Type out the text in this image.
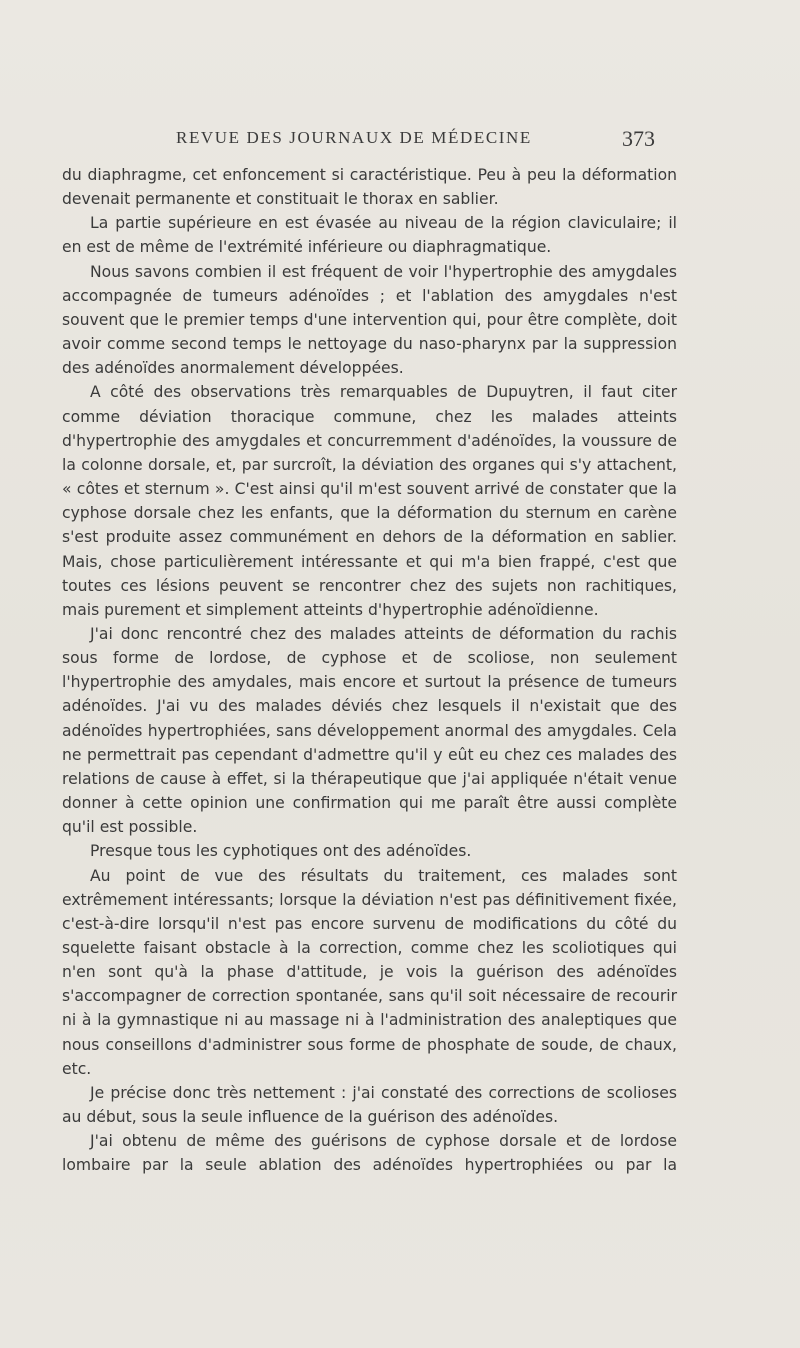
REVUE DES JOURNAUX DE MÉDECINE	373

du diaphragme, cet enfoncement si caractéristique. Peu à peu la déformation devenait permanente et constituait le thorax en sablier.

La partie supérieure en est évasée au niveau de la région claviculaire; il en est de même de l'extrémité inférieure ou diaphragmatique.

Nous savons combien il est fréquent de voir l'hypertrophie des amygdales accompagnée de tumeurs adénoïdes ; et l'ablation des amygdales n'est souvent que le premier temps d'une intervention qui, pour être complète, doit avoir comme second temps le nettoyage du naso-pharynx par la suppression des adénoïdes anormalement développées.

A côté des observations très remarquables de Dupuytren, il faut citer comme déviation thoracique commune, chez les malades atteints d'hypertrophie des amygdales et concurremment d'adénoïdes, la voussure de la colonne dorsale, et, par surcroît, la déviation des organes qui s'y attachent, « côtes et sternum ». C'est ainsi qu'il m'est souvent arrivé de constater que la cyphose dorsale chez les enfants, que la déformation du sternum en carène s'est produite assez communément en dehors de la déformation en sablier. Mais, chose particulièrement intéressante et qui m'a bien frappé, c'est que toutes ces lésions peuvent se rencontrer chez des sujets non rachitiques, mais purement et simplement atteints d'hypertrophie adénoïdienne.

J'ai donc rencontré chez des malades atteints de déformation du rachis sous forme de lordose, de cyphose et de scoliose, non seulement l'hypertrophie des amydales, mais encore et surtout la présence de tumeurs adénoïdes. J'ai vu des malades déviés chez lesquels il n'existait que des adénoïdes hypertrophiées, sans développement anormal des amygdales. Cela ne permettrait pas cependant d'admettre qu'il y eût eu chez ces malades des relations de cause à effet, si la thérapeutique que j'ai appliquée n'était venue donner à cette opinion une confirmation qui me paraît être aussi complète qu'il est possible.

Presque tous les cyphotiques ont des adénoïdes.

Au point de vue des résultats du traitement, ces malades sont extrêmement intéressants; lorsque la déviation n'est pas définitivement fixée, c'est-à-dire lorsqu'il n'est pas encore survenu de modifications du côté du squelette faisant obstacle à la correction, comme chez les scoliotiques qui n'en sont qu'à la phase d'attitude, je vois la guérison des adénoïdes s'accompagner de correction spontanée, sans qu'il soit nécessaire de recourir ni à la gymnastique ni au massage ni à l'administration des analeptiques que nous conseillons d'administrer sous forme de phosphate de soude, de chaux, etc.

Je précise donc très nettement : j'ai constaté des corrections de scolioses au début, sous la seule influence de la guérison des adénoïdes.

J'ai obtenu de même des guérisons de cyphose dorsale et de lordose lombaire par la seule ablation des adénoïdes hypertrophiées ou par la
